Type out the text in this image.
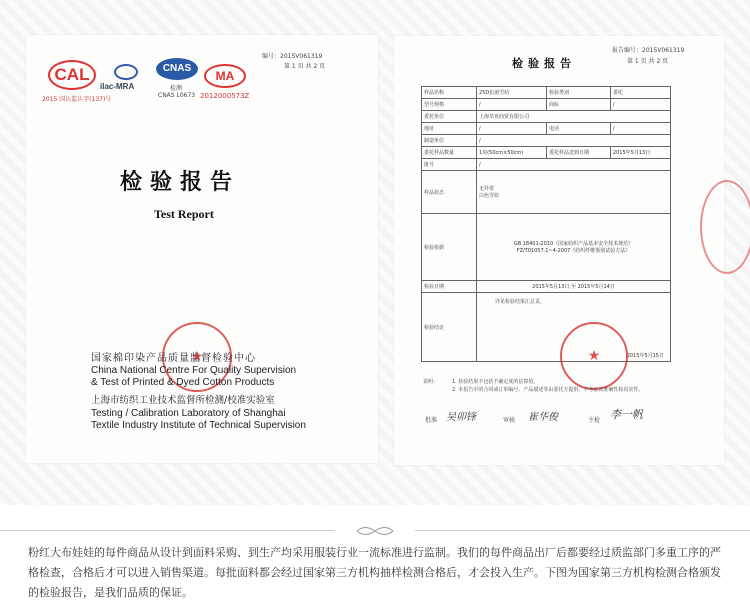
编号：2015V061319
第 1 页 共 2 页
CAL
2015 国认监认字(137)号
ilac-MRA
CNAS
检测
CNAS L0673
MA
2012000573Z
检验报告
Test Report
★
国家棉印染产品质量监督检验中心
China National Centre For Quality Supervision
& Test of Printed & Dyed Cotton Products
上海市纺织工业技术监督所检测/校准实验室
Testing / Calibration Laboratory of Shanghai
Textile Industry Institute of Technical Supervision
报告编号：2015V061319
第 1 页 共 2 页
检验报告
样品名称	25D抗菌雪纺	检验类别	委托
型号规格	/	商标	/
委托单位	上海莘亚商贸有限公司		
地址	/	电话	/
制造单位	/		
委托样品数量	1块(50cm×50cm)	委托样品送到日期	2015年5月13日
批号	/		
样品状态	无异常
白色雪纺		

检验依据	GB 18401-2010《国家纺织产品基本安全技术规范》
FZ/T01057.1~4-2007《纺织纤维鉴别试验方法》		

检验日期	2015年5月13日 至 2015年5月14日		
检验结论	详见检验结果汇总页。
2015年5月15日		
★
说明：	1. 检验结果不包括不确定度的估算值。
2. 本报告中的合同或订单编号、产品描述等由委托方提供，不考虑其准确性和真实性。
批准 吴卯锋	审核 崔华俊	主检 李一帆
粉红大布娃娃的每件商品从设计到面料采购、到生产均采用服装行业一流标准进行监制。我们的每件商品出厂后都要经过质监部门多重工序的严格检查，合格后才可以进入销售渠道。每批面料都会经过国家第三方机构抽样检测合格后，才会投入生产。下图为国家第三方机构检测合格颁发的检验报告，是我们品质的保证。
